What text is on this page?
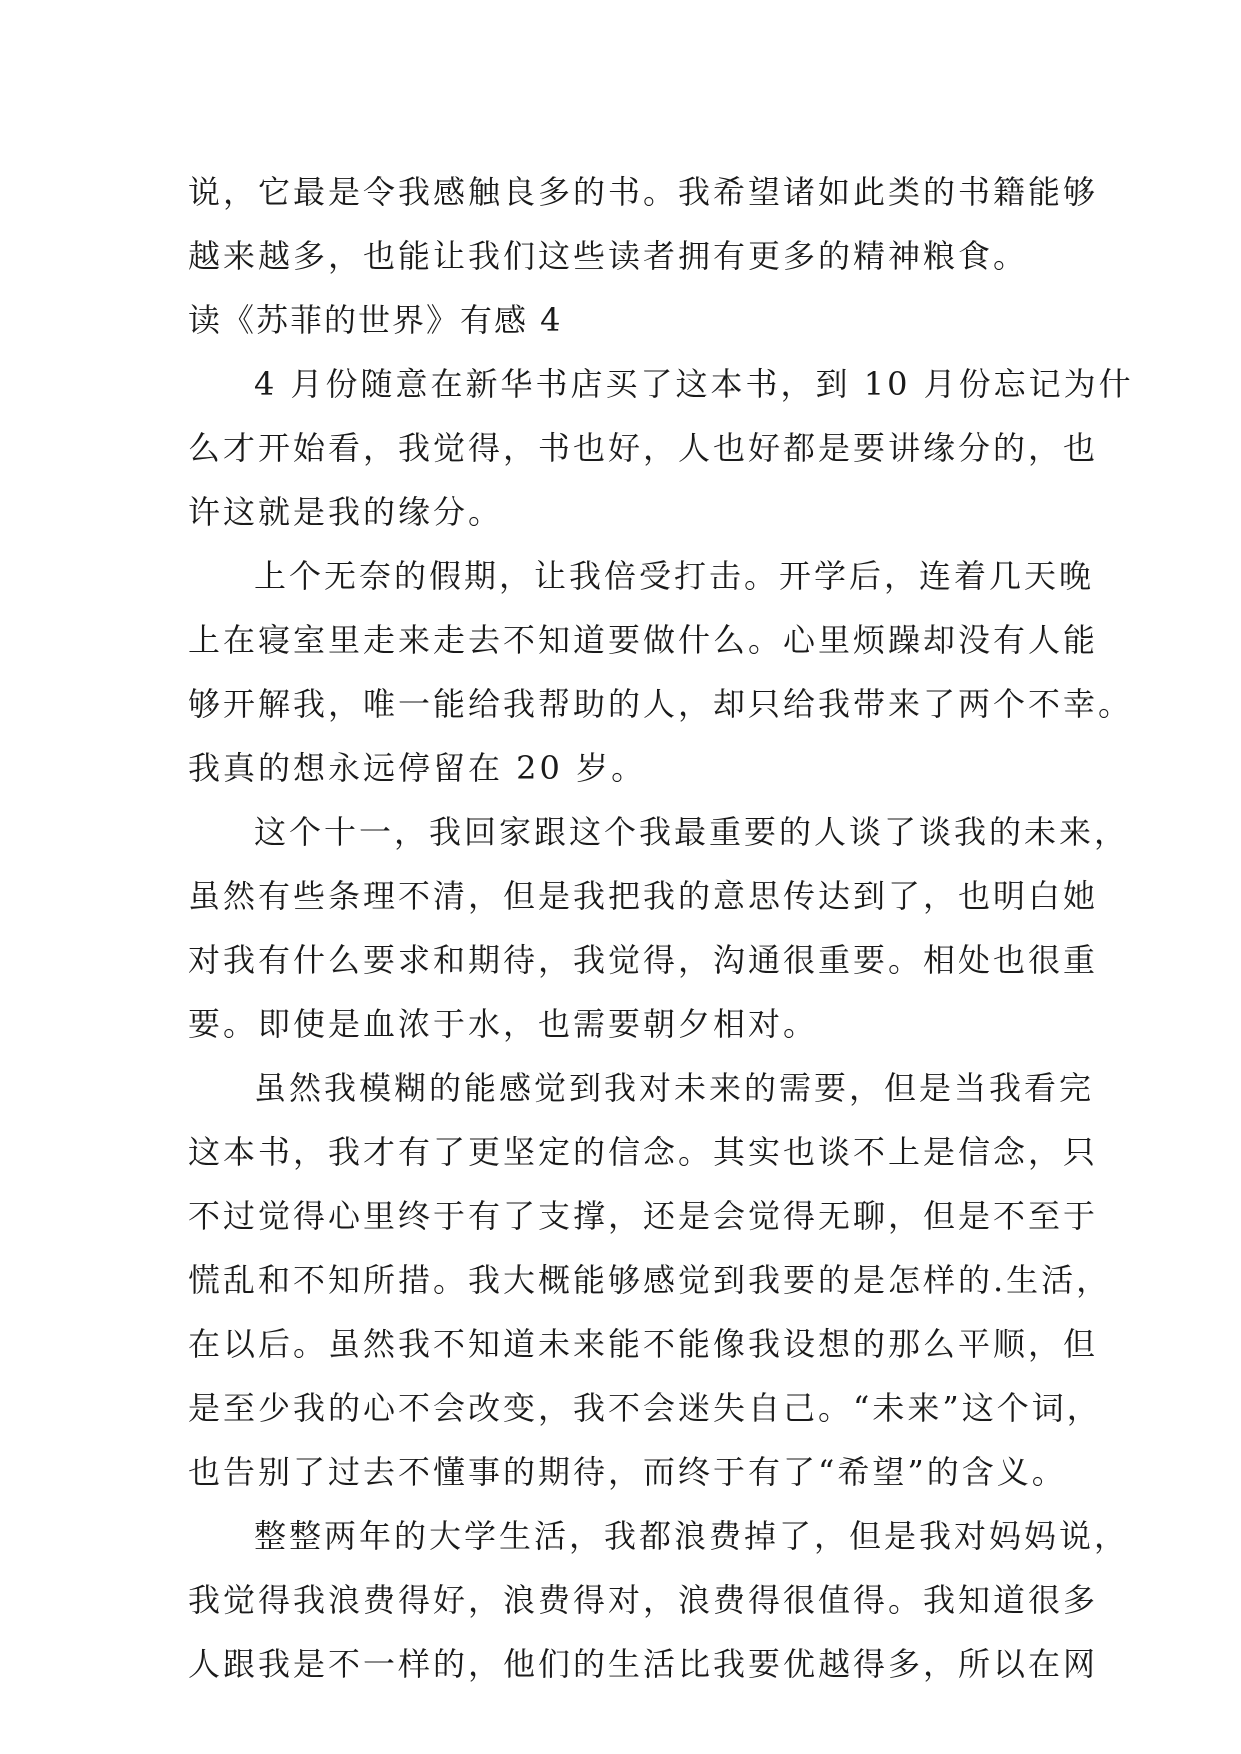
说，它最是令我感触良多的书。我希望诸如此类的书籍能够
越来越多，也能让我们这些读者拥有更多的精神粮食。
读《苏菲的世界》有感 4
4 月份随意在新华书店买了这本书，到 10 月份忘记为什
么才开始看，我觉得，书也好，人也好都是要讲缘分的，也
许这就是我的缘分。
上个无奈的假期，让我倍受打击。开学后，连着几天晚
上在寝室里走来走去不知道要做什么。心里烦躁却没有人能
够开解我，唯一能给我帮助的人，却只给我带来了两个不幸。
我真的想永远停留在 20 岁。
这个十一，我回家跟这个我最重要的人谈了谈我的未来，
虽然有些条理不清，但是我把我的意思传达到了，也明白她
对我有什么要求和期待，我觉得，沟通很重要。相处也很重
要。即使是血浓于水，也需要朝夕相对。
虽然我模糊的能感觉到我对未来的需要，但是当我看完
这本书，我才有了更坚定的信念。其实也谈不上是信念，只
不过觉得心里终于有了支撑，还是会觉得无聊，但是不至于
慌乱和不知所措。我大概能够感觉到我要的是怎样的.生活，
在以后。虽然我不知道未来能不能像我设想的那么平顺，但
是至少我的心不会改变，我不会迷失自己。“未来”这个词，
也告别了过去不懂事的期待，而终于有了“希望”的含义。
整整两年的大学生活，我都浪费掉了，但是我对妈妈说，
我觉得我浪费得好，浪费得对，浪费得很值得。我知道很多
人跟我是不一样的，他们的生活比我要优越得多，所以在网
